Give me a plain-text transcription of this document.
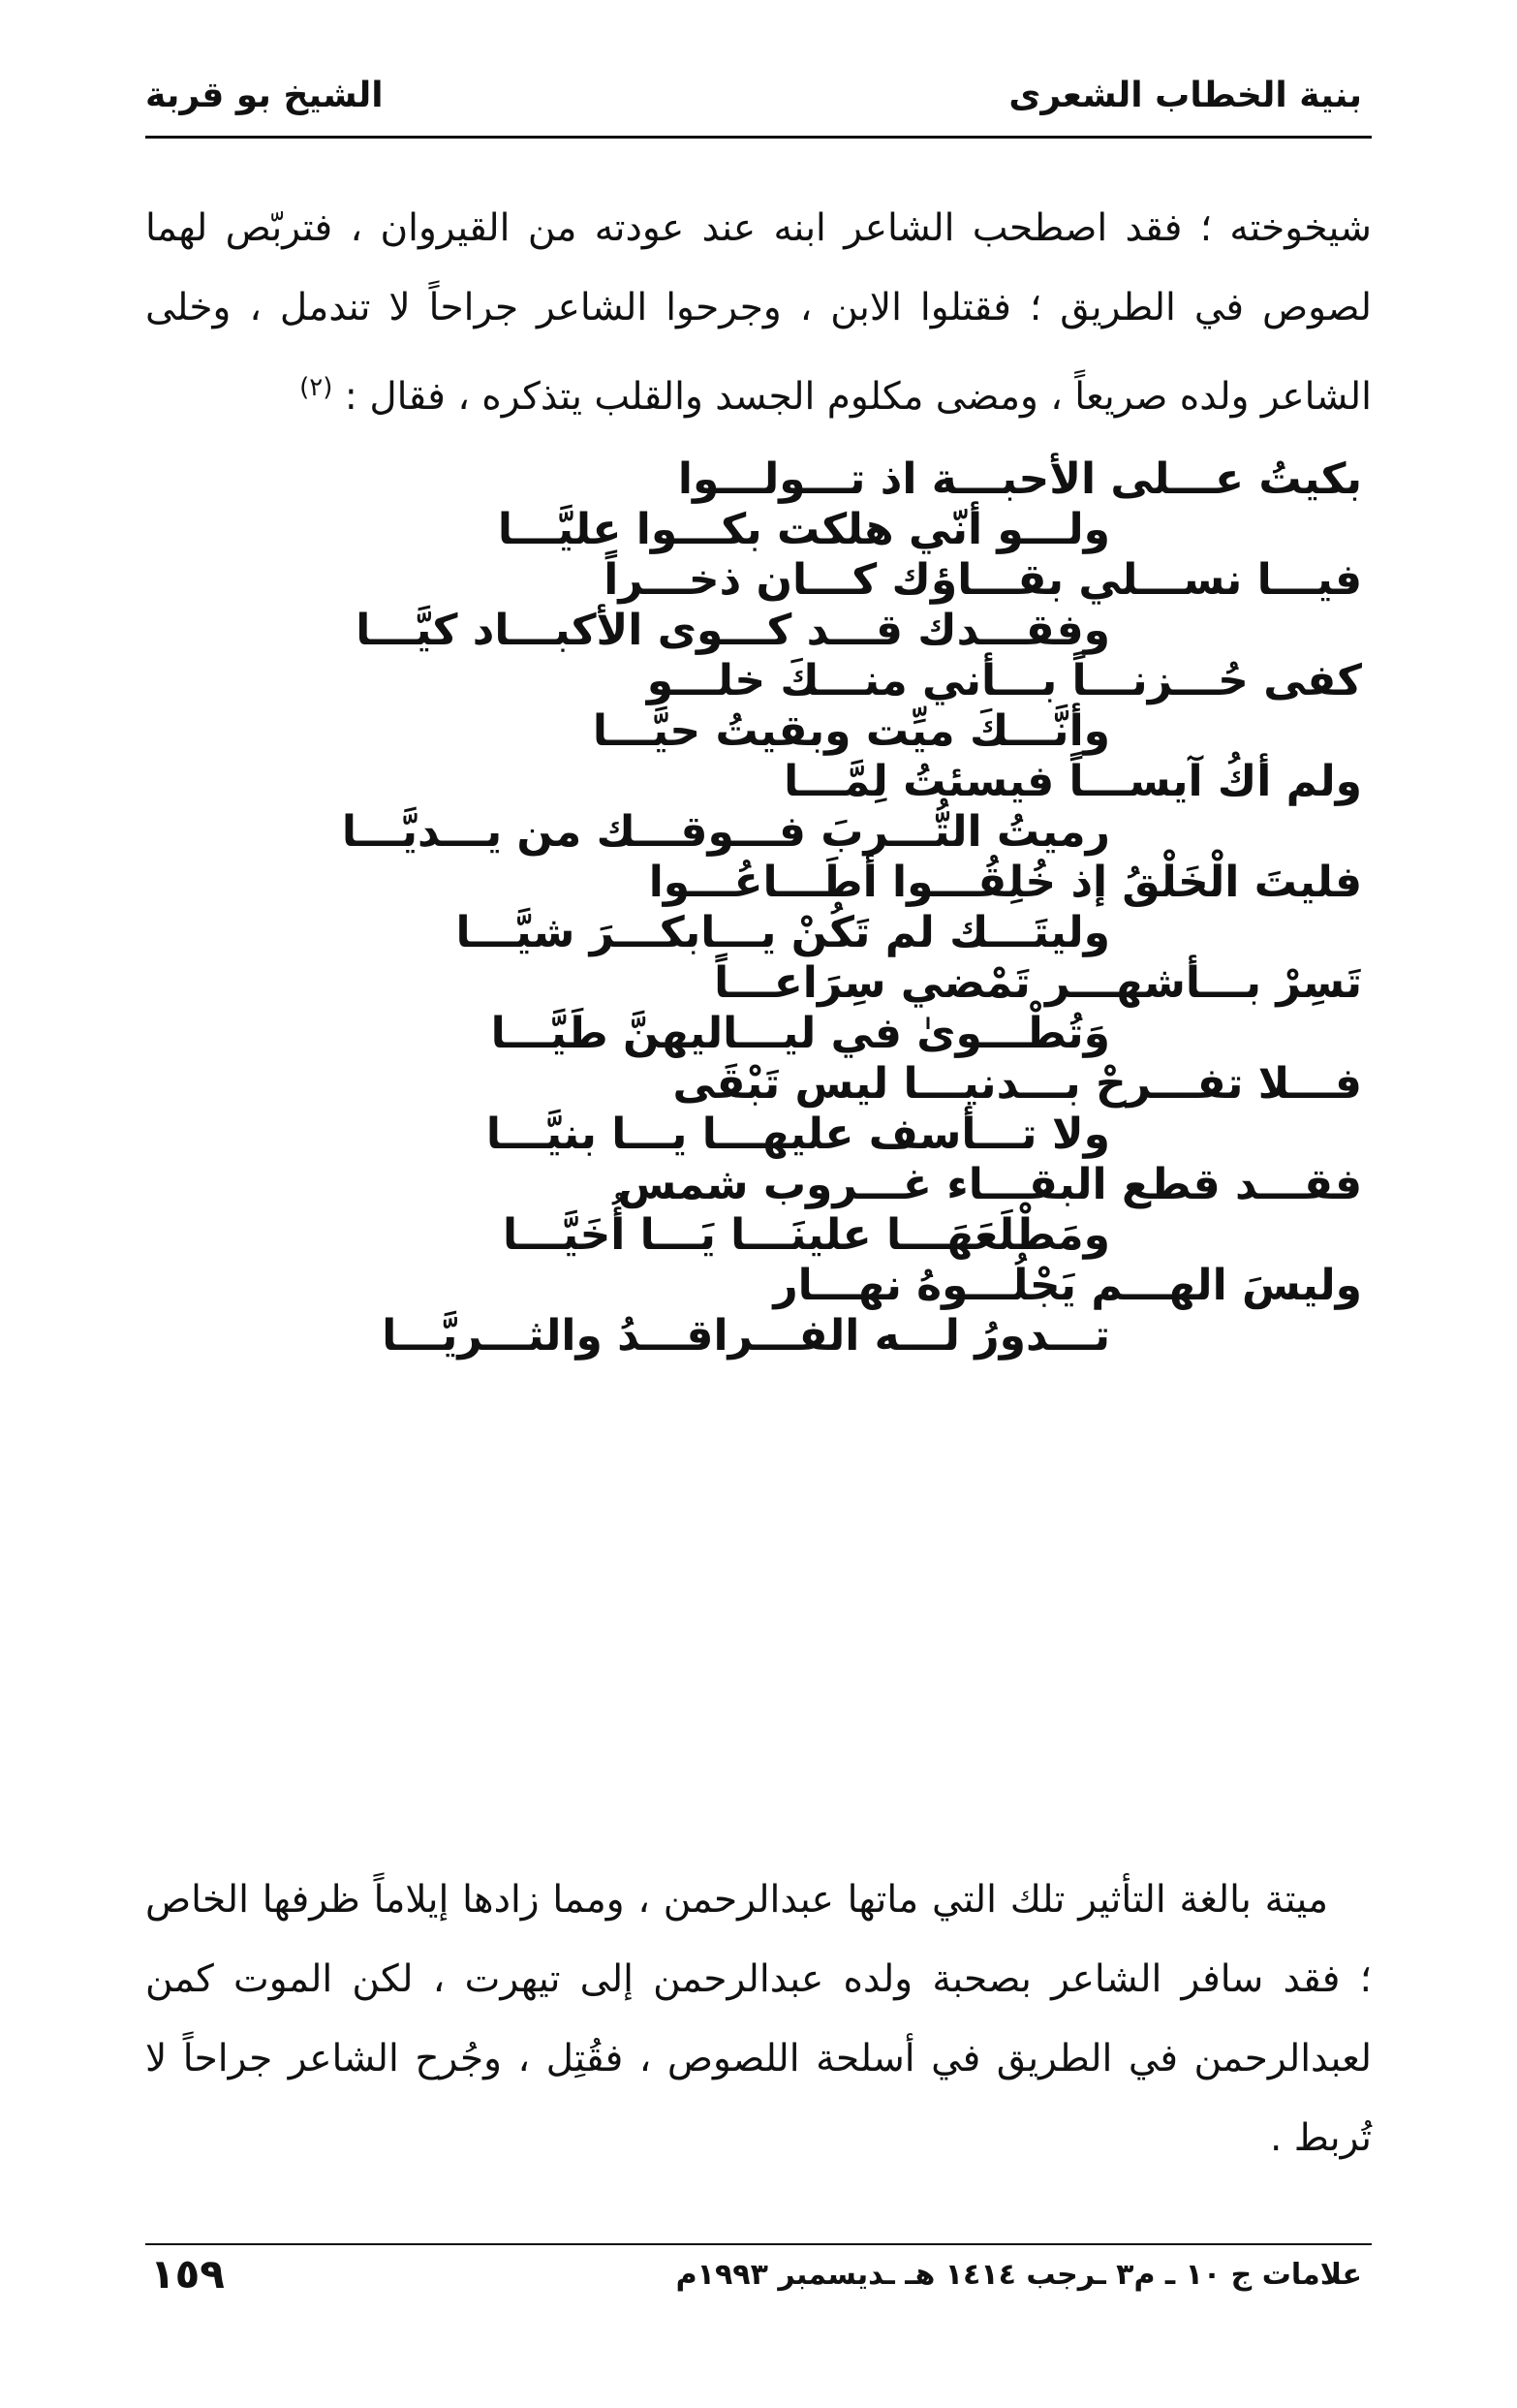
بنية الخطاب الشعرى
الشيخ بو قربة
شيخوخته ؛ فقد اصطحب الشاعر ابنه عند عودته من القيروان ، فتربّص لهما لصوص في الطريق ؛ فقتلوا الابن ، وجرحوا الشاعر جراحاً لا تندمل ، وخلى الشاعر ولده صريعاً ، ومضى مكلوم الجسد والقلب يتذكره ، فقال : $^{(٢)}$
بكيتُ عـــلى الأحبـــة اذ تـــولـــوا
ولـــو أنّي هلكت بكـــوا عليَّـــا
فيـــا نســـلي بقـــاؤك كـــان ذخـــراً
وفقـــدك قـــد كـــوى الأكبـــاد كيَّـــا
كفى حُـــزنـــاً بـــأني منـــكَ خلـــو
وأنَّـــكَ ميِّت وبقيتُ حيَّـــا
ولم أكُ آيســـاً فيسئتُ لِمَّـــا
رميتُ التُّـــربَ فـــوقـــك من يـــديَّـــا
فليتَ الْخَلْقُ إذ خُلِقُـــوا أطَـــاعُـــوا
وليتَـــك لم تَكُنْ يـــابكـــرَ شيَّـــا
تَسِرْ بـــأشهـــر تَمْضي سِرَاعـــاً
وَتُطْـــوىٰ في ليـــاليهنَّ طَيَّـــا
فـــلا تفـــرحْ بـــدنيـــا ليس تَبْقَى
ولا تـــأسف عليهـــا يـــا بنيَّـــا
فقـــد قطع البقـــاء غـــروب شمس
ومَطْلَعَهَـــا علينَـــا يَـــا أُخَيَّـــا
وليسَ الهـــم يَجْلُـــوهُ نهـــار
تـــدورُ لـــه الفـــراقـــدُ والثـــريَّـــا
ميتة بالغة التأثير تلك التي ماتها عبدالرحمن ، ومما زادها إيلاماً ظرفها الخاص ؛ فقد سافر الشاعر بصحبة ولده عبدالرحمن إلى تيهرت ، لكن الموت كمن لعبدالرحمن في الطريق في أسلحة اللصوص ، فقُتِل ، وجُرح الشاعر جراحاً لا تُربط .
علامات ج ١٠ ـ م٣ ـرجب ١٤١٤ هـ ـديسمبر ١٩٩٣م
١٥٩
